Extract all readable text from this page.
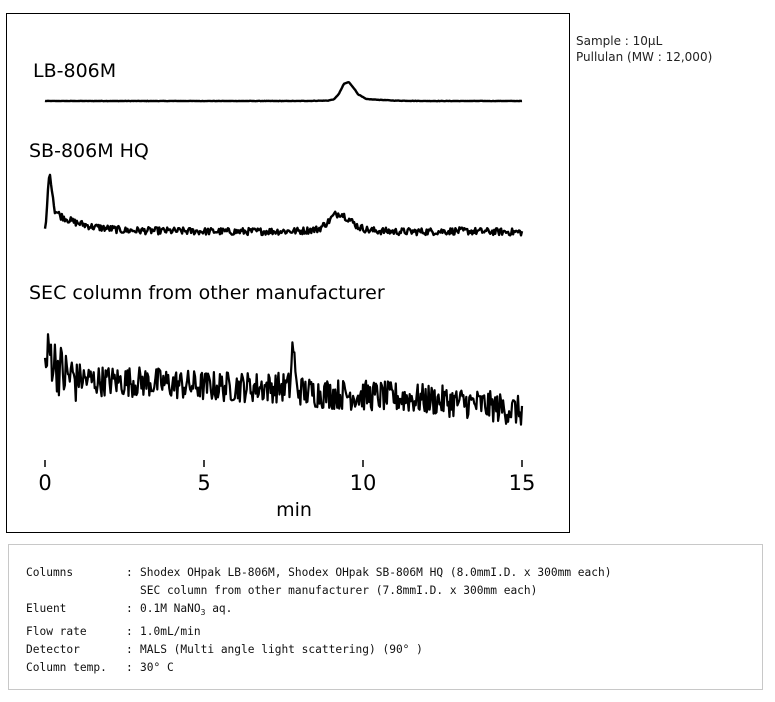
LB-806M
SB-806M HQ
SEC column from other manufacturer
0	5	10	15
min
Sample : 10μL
Pullulan (MW : 12,000)
Columns	: Shodex OHpak LB-806M, Shodex OHpak SB-806M HQ (8.0mmI.D. x 300mm each)
SEC column from other manufacturer (7.8mmI.D. x 300mm each)
Eluent	: 0.1M NaNO$_3$ aq.
Flow rate	: 1.0mL/min
Detector	: MALS (Multi angle light scattering) (90° )
Column temp.	: 30° C
